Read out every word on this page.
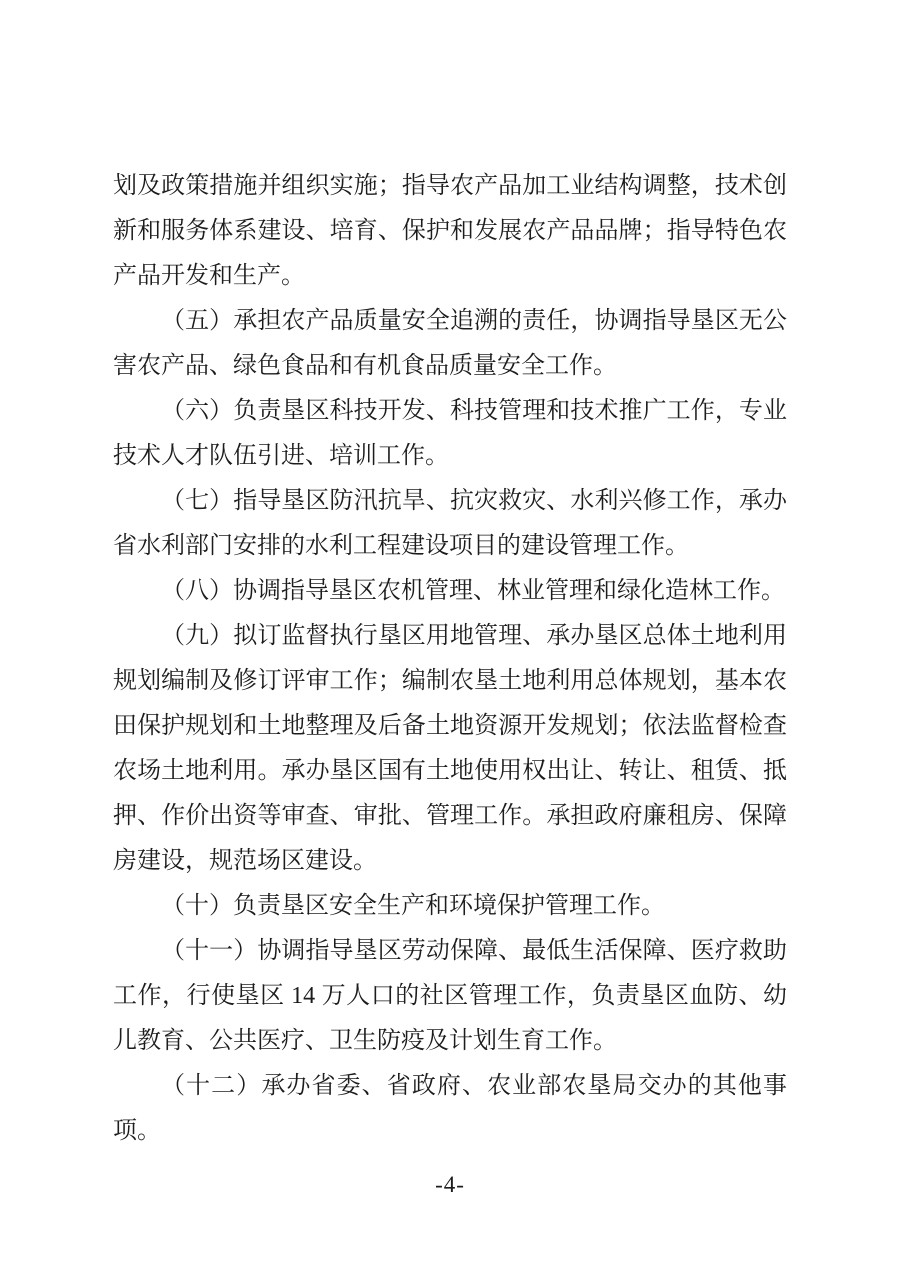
划及政策措施并组织实施；指导农产品加工业结构调整，技术创新和服务体系建设、培育、保护和发展农产品品牌；指导特色农产品开发和生产。

（五）承担农产品质量安全追溯的责任，协调指导垦区无公害农产品、绿色食品和有机食品质量安全工作。

（六）负责垦区科技开发、科技管理和技术推广工作，专业技术人才队伍引进、培训工作。

（七）指导垦区防汛抗旱、抗灾救灾、水利兴修工作，承办省水利部门安排的水利工程建设项目的建设管理工作。

（八）协调指导垦区农机管理、林业管理和绿化造林工作。

（九）拟订监督执行垦区用地管理、承办垦区总体土地利用规划编制及修订评审工作；编制农垦土地利用总体规划，基本农田保护规划和土地整理及后备土地资源开发规划；依法监督检查农场土地利用。承办垦区国有土地使用权出让、转让、租赁、抵押、作价出资等审查、审批、管理工作。承担政府廉租房、保障房建设，规范场区建设。

（十）负责垦区安全生产和环境保护管理工作。

（十一）协调指导垦区劳动保障、最低生活保障、医疗救助工作，行使垦区 14 万人口的社区管理工作，负责垦区血防、幼儿教育、公共医疗、卫生防疫及计划生育工作。

（十二）承办省委、省政府、农业部农垦局交办的其他事项。

-4-
